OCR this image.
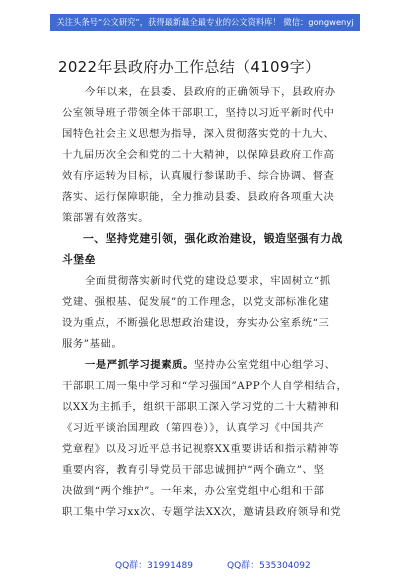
关注头条号“公文研究”，获得最新最全最专业的公文资料库！ 微信：gongwenyj
2022年县政府办工作总结（4109字）
今年以来，在县委、县政府的正确领导下，县政府办
公室领导班子带领全体干部职工，坚持以习近平新时代中
国特色社会主义思想为指导，深入贯彻落实党的十九大、
十九届历次全会和党的二十大精神，以保障县政府工作高
效有序运转为目标，认真履行参谋助手、综合协调、督查
落实、运行保障职能，全力推动县委、县政府各项重大决
策部署有效落实。
一、坚持党建引领，强化政治建设，锻造坚强有力战
斗堡垒
全面贯彻落实新时代党的建设总要求，牢固树立“抓
党建、强根基、促发展”的工作理念，以党支部标准化建
设为重点，不断强化思想政治建设，夯实办公室系统“三
服务”基础。
一是严抓学习提素质。坚持办公室党组中心组学习、
干部职工周一集中学习和“学习强国”APP个人自学相结合，
以XX为主抓手，组织干部职工深入学习党的二十大精神和
《习近平谈治国理政（第四卷）》，认真学习《中国共产
党章程》以及习近平总书记视察XX重要讲话和指示精神等
重要内容，教育引导党员干部忠诚拥护“两个确立”、坚
决做到“两个维护”。一年来，办公室党组中心组和干部
职工集中学习xx次、专题学法XX次，邀请县政府领导和党
QQ群：31991489	QQ群：535304092
